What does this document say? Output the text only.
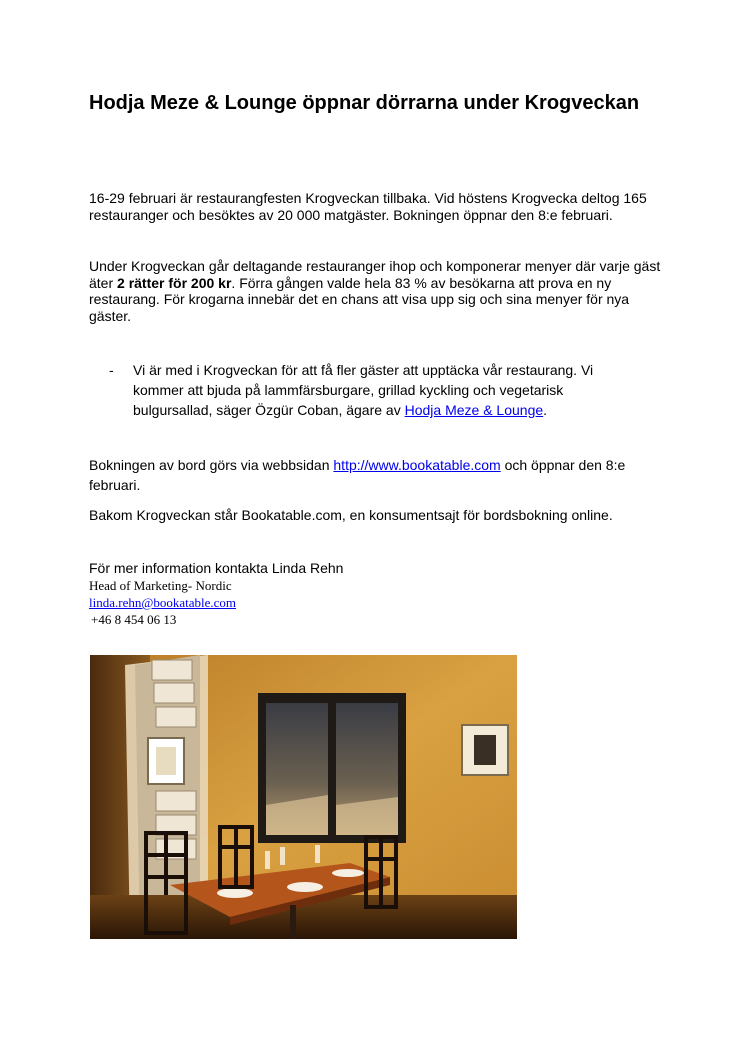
Hodja Meze & Lounge öppnar dörrarna under Krogveckan

16-29 februari är restaurangfesten Krogveckan tillbaka. Vid höstens Krogvecka deltog 165 restauranger och besöktes av 20 000 matgäster. Bokningen öppnar den 8:e februari.

Under Krogveckan går deltagande restauranger ihop och komponerar menyer där varje gäst äter 2 rätter för 200 kr. Förra gången valde hela 83 % av besökarna att prova en ny restaurang. För krogarna innebär det en chans att visa upp sig och sina menyer för nya gäster.

- Vi är med i Krogveckan för att få fler gäster att upptäcka vår restaurang. Vi kommer att bjuda på lammfärsburgare, grillad kyckling och vegetarisk bulgursallad, säger Özgür Coban, ägare av Hodja Meze & Lounge.

Bokningen av bord görs via webbsidan http://www.bookatable.com och öppnar den 8:e februari.

Bakom Krogveckan står Bookatable.com, en konsumentsajt för bordsbokning online.

För mer information kontakta Linda Rehn
Head of Marketing- Nordic
linda.rehn@bookatable.com
+46 8 454 06 13
